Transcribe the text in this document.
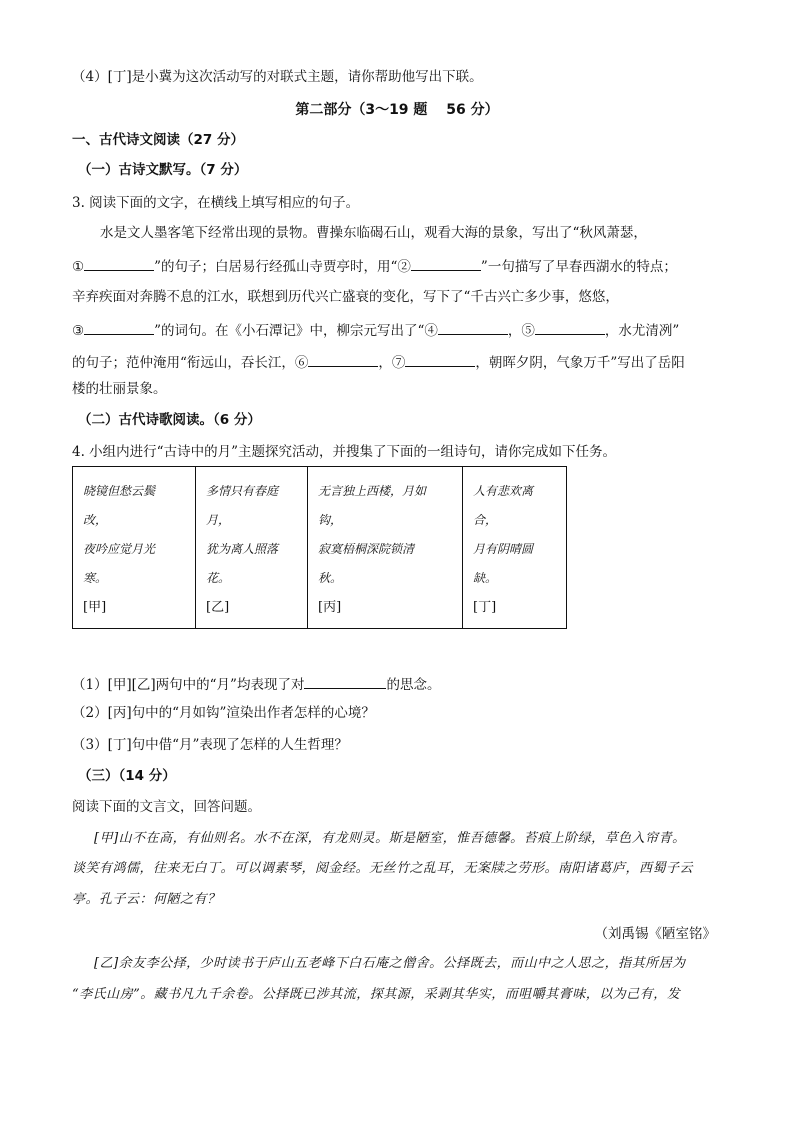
（4）[丁]是小冀为这次活动写的对联式主题，请你帮助他写出下联。
第二部分（3～19 题　 56 分）
一、古代诗文阅读（27 分）
（一）古诗文默写。（7 分）
3. 阅读下面的文字，在横线上填写相应的句子。
水是文人墨客笔下经常出现的景物。曹操东临碣石山，观看大海的景象，写出了“秋风萧瑟，
①	”的句子；白居易行经孤山寺贾亭时，用“②	”一句描写了早春西湖水的特点；
辛弃疾面对奔腾不息的江水，联想到历代兴亡盛衰的变化，写下了“千古兴亡多少事，悠悠，
③	”的词句。在《小石潭记》中，柳宗元写出了“④	，⑤	，水尤清冽”
的句子；范仲淹用“衔远山，吞长江，⑥	，⑦	，朝晖夕阴，气象万千”写出了岳阳
楼的壮丽景象。
（二）古代诗歌阅读。（6 分）
4. 小组内进行“古诗中的月”主题探究活动，并搜集了下面的一组诗句，请你完成如下任务。
晓镜但愁云鬓
改，
夜吟应觉月光
寒。
[甲]

多情只有春庭
月，
犹为离人照落
花。
[乙]

无言独上西楼，月如
钩，
寂寞梧桐深院锁清
秋。
[丙]

人有悲欢离
合，
月有阴晴圆
缺。
[丁]
（1）[甲][乙]两句中的“月”均表现了对	的思念。
（2）[丙]句中的“月如钩”渲染出作者怎样的心境？
（3）[丁]句中借“月”表现了怎样的人生哲理？
（三）（14 分）
阅读下面的文言文，回答问题。
[甲]山不在高，有仙则名。水不在深，有龙则灵。斯是陋室，惟吾德馨。苔痕上阶绿，草色入帘青。
谈笑有鸿儒，往来无白丁。可以调素琴，阅金经。无丝竹之乱耳，无案牍之劳形。南阳诸葛庐，西蜀子云
亭。孔子云：何陋之有？
（刘禹锡《陋室铭》
[乙]余友李公择，少时读书于庐山五老峰下白石庵之僧舍。公择既去，而山中之人思之，指其所居为
“李氏山房”。藏书凡九千余卷。公择既已涉其流，探其源，采剥其华实，而咀嚼其膏味，以为己有，发
